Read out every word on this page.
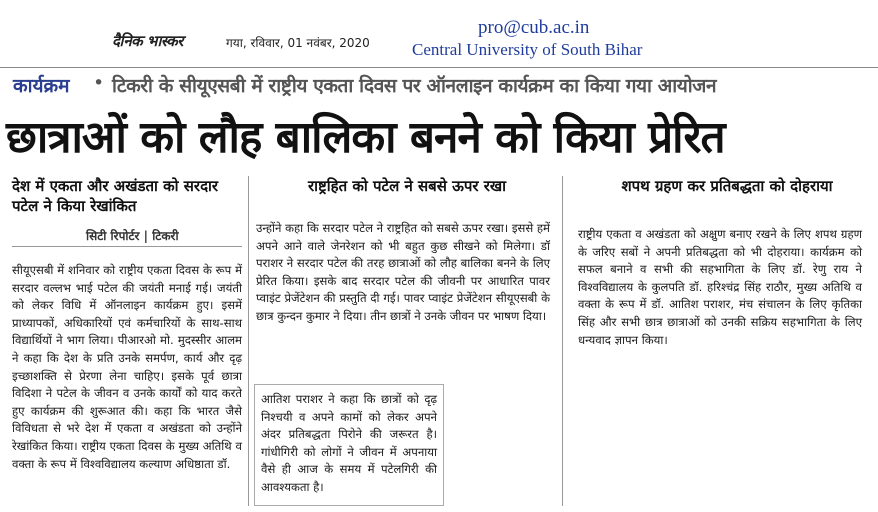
दैनिक भास्कर	गया, रविवार, 01 नवंबर, 2020
pro@cub.ac.in
Central University of South Bihar
कार्यक्रम • टिकरी के सीयूएसबी में राष्ट्रीय एकता दिवस पर ऑनलाइन कार्यक्रम का किया गया आयोजन
छात्राओं को लौह बालिका बनने को किया प्रेरित
देश में एकता और अखंडता को सरदार पटेल ने किया रेखांकित
सिटी रिपोर्टर | टिकरी
सीयूएसबी में शनिवार को राष्ट्रीय एकता दिवस के रूप में सरदार वल्लभ भाई पटेल की जयंती मनाई गई। जयंती को लेकर विधि में ऑनलाइन कार्यक्रम हुए। इसमें प्राध्यापकों, अधिकारियों एवं कर्मचारियों के साथ-साथ विद्यार्थियों ने भाग लिया। पीआरओ मो. मुदस्सीर आलम ने कहा कि देश के प्रति उनके समर्पण, कार्य और दृढ़ इच्छाशक्ति से प्रेरणा लेना चाहिए। इसके पूर्व छात्रा विदिशा ने पटेल के जीवन व उनके कार्यों को याद करते हुए कार्यक्रम की शुरूआत की। कहा कि भारत जैसे विविधता से भरे देश में एकता व अखंडता को उन्होंने रेखांकित किया। राष्ट्रीय एकता दिवस के मुख्य अतिथि व वक्ता के रूप में विश्वविद्यालय कल्याण अधिष्ठाता डॉ.
राष्ट्रहित को पटेल ने सबसे ऊपर रखा
उन्होंने कहा कि सरदार पटेल ने राष्ट्रहित को सबसे ऊपर रखा। इससे हमें अपने आने वाले जेनरेशन को भी बहुत कुछ सीखने को मिलेगा। डॉ पराशर ने सरदार पटेल की तरह छात्राओं को लौह बालिका बनने के लिए प्रेरित किया। इसके बाद सरदार पटेल की जीवनी पर आधारित पावर प्वाइंट प्रेजेंटेशन की प्रस्तुति दी गई। पावर प्वाइंट प्रेजेंटेशन सीयूएसबी के छात्र कुन्दन कुमार ने दिया। तीन छात्रों ने उनके जीवन पर भाषण दिया।
आतिश पराशर ने कहा कि छात्रों को दृढ़ निश्चयी व अपने कामों को लेकर अपने अंदर प्रतिबद्धता पिरोने की जरूरत है। गांधीगिरी को लोगों ने जीवन में अपनाया वैसे ही आज के समय में पटेलगिरी की आवश्यकता है।
शपथ ग्रहण कर प्रतिबद्धता को दोहराया
राष्ट्रीय एकता व अखंडता को अक्षुण बनाए रखने के लिए शपथ ग्रहण के जरिए सबों ने अपनी प्रतिबद्धता को भी दोहराया। कार्यक्रम को सफल बनाने व सभी की सहभागिता के लिए डॉ. रेणु राय ने विश्वविद्यालय के कुलपति डॉ. हरिश्चंद्र सिंह राठौर, मुख्य अतिथि व वक्ता के रूप में डॉ. आतिश पराशर, मंच संचालन के लिए कृतिका सिंह और सभी छात्र छात्राओं को उनकी सक्रिय सहभागिता के लिए धन्यवाद ज्ञापन किया।
